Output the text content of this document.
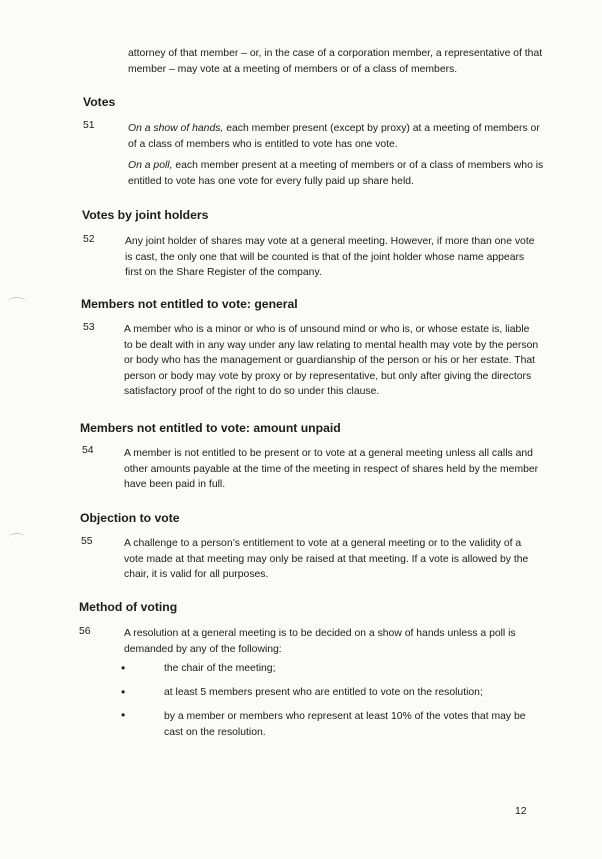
attorney of that member – or, in the case of a corporation member, a representative of that member – may vote at a meeting of members or of a class of members.

Votes
51	On a show of hands, each member present (except by proxy) at a meeting of members or of a class of members who is entitled to vote has one vote.

On a poll, each member present at a meeting of members or of a class of members who is entitled to vote has one vote for every fully paid up share held.

Votes by joint holders
52	Any joint holder of shares may vote at a general meeting. However, if more than one vote is cast, the only one that will be counted is that of the joint holder whose name appears first on the Share Register of the company.

Members not entitled to vote: general
53	A member who is a minor or who is of unsound mind or who is, or whose estate is, liable to be dealt with in any way under any law relating to mental health may vote by the person or body who has the management or guardianship of the person or his or her estate. That person or body may vote by proxy or by representative, but only after giving the directors satisfactory proof of the right to do so under this clause.

Members not entitled to vote: amount unpaid
54	A member is not entitled to be present or to vote at a general meeting unless all calls and other amounts payable at the time of the meeting in respect of shares held by the member have been paid in full.

Objection to vote
55	A challenge to a person’s entitlement to vote at a general meeting or to the validity of a vote made at that meeting may only be raised at that meeting. If a vote is allowed by the chair, it is valid for all purposes.

Method of voting
56	A resolution at a general meeting is to be decided on a show of hands unless a poll is demanded by any of the following:

•	the chair of the meeting;

•	at least 5 members present who are entitled to vote on the resolution;

•	by a member or members who represent at least 10% of the votes that may be cast on the resolution.

12
